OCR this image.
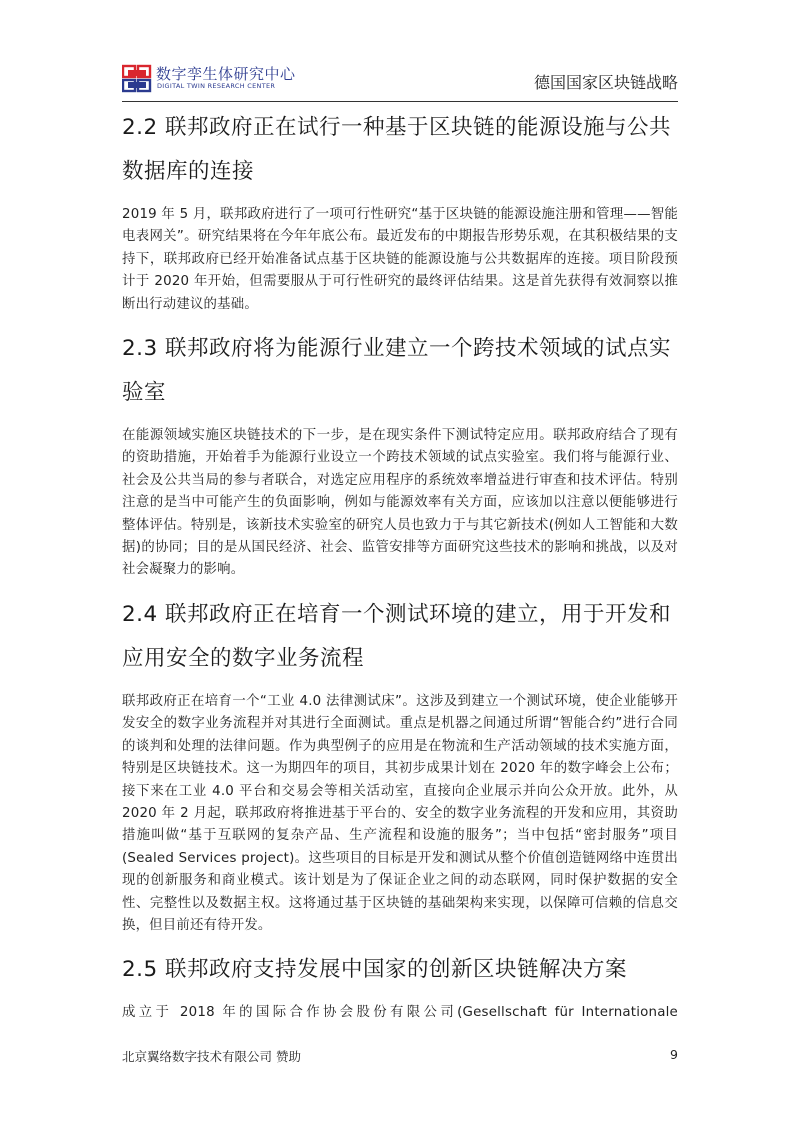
数字孪生体研究中心
DIGITAL TWIN RESEARCH CENTER	德国国家区块链战略
2.2 联邦政府正在试行一种基于区块链的能源设施与公共数据库的连接

2019 年 5 月，联邦政府进行了一项可行性研究“基于区块链的能源设施注册和管理——智能电表网关”。研究结果将在今年年底公布。最近发布的中期报告形势乐观，在其积极结果的支持下，联邦政府已经开始准备试点基于区块链的能源设施与公共数据库的连接。项目阶段预计于 2020 年开始，但需要服从于可行性研究的最终评估结果。这是首先获得有效洞察以推断出行动建议的基础。

2.3 联邦政府将为能源行业建立一个跨技术领域的试点实验室

在能源领域实施区块链技术的下一步，是在现实条件下测试特定应用。联邦政府结合了现有的资助措施，开始着手为能源行业设立一个跨技术领域的试点实验室。我们将与能源行业、社会及公共当局的参与者联合，对选定应用程序的系统效率增益进行审查和技术评估。特别注意的是当中可能产生的负面影响，例如与能源效率有关方面，应该加以注意以便能够进行整体评估。特别是，该新技术实验室的研究人员也致力于与其它新技术(例如人工智能和大数据)的协同；目的是从国民经济、社会、监管安排等方面研究这些技术的影响和挑战，以及对社会凝聚力的影响。

2.4 联邦政府正在培育一个测试环境的建立，用于开发和应用安全的数字业务流程

联邦政府正在培育一个“工业 4.0 法律测试床”。这涉及到建立一个测试环境，使企业能够开发安全的数字业务流程并对其进行全面测试。重点是机器之间通过所谓“智能合约”进行合同的谈判和处理的法律问题。作为典型例子的应用是在物流和生产活动领域的技术实施方面，特别是区块链技术。这一为期四年的项目，其初步成果计划在 2020 年的数字峰会上公布；接下来在工业 4.0 平台和交易会等相关活动室，直接向企业展示并向公众开放。此外，从 2020 年 2 月起，联邦政府将推进基于平台的、安全的数字业务流程的开发和应用，其资助措施叫做“基于互联网的复杂产品、生产流程和设施的服务”；当中包括“密封服务”项目(Sealed Services project)。这些项目的目标是开发和测试从整个价值创造链网络中连贯出现的创新服务和商业模式。该计划是为了保证企业之间的动态联网，同时保护数据的安全性、完整性以及数据主权。这将通过基于区块链的基础架构来实现，以保障可信赖的信息交换，但目前还有待开发。

2.5 联邦政府支持发展中国家的创新区块链解决方案

成立于 2018 年的国际合作协会股份有限公司(Gesellschaft für Internationale

北京翼络数字技术有限公司 赞助	9
